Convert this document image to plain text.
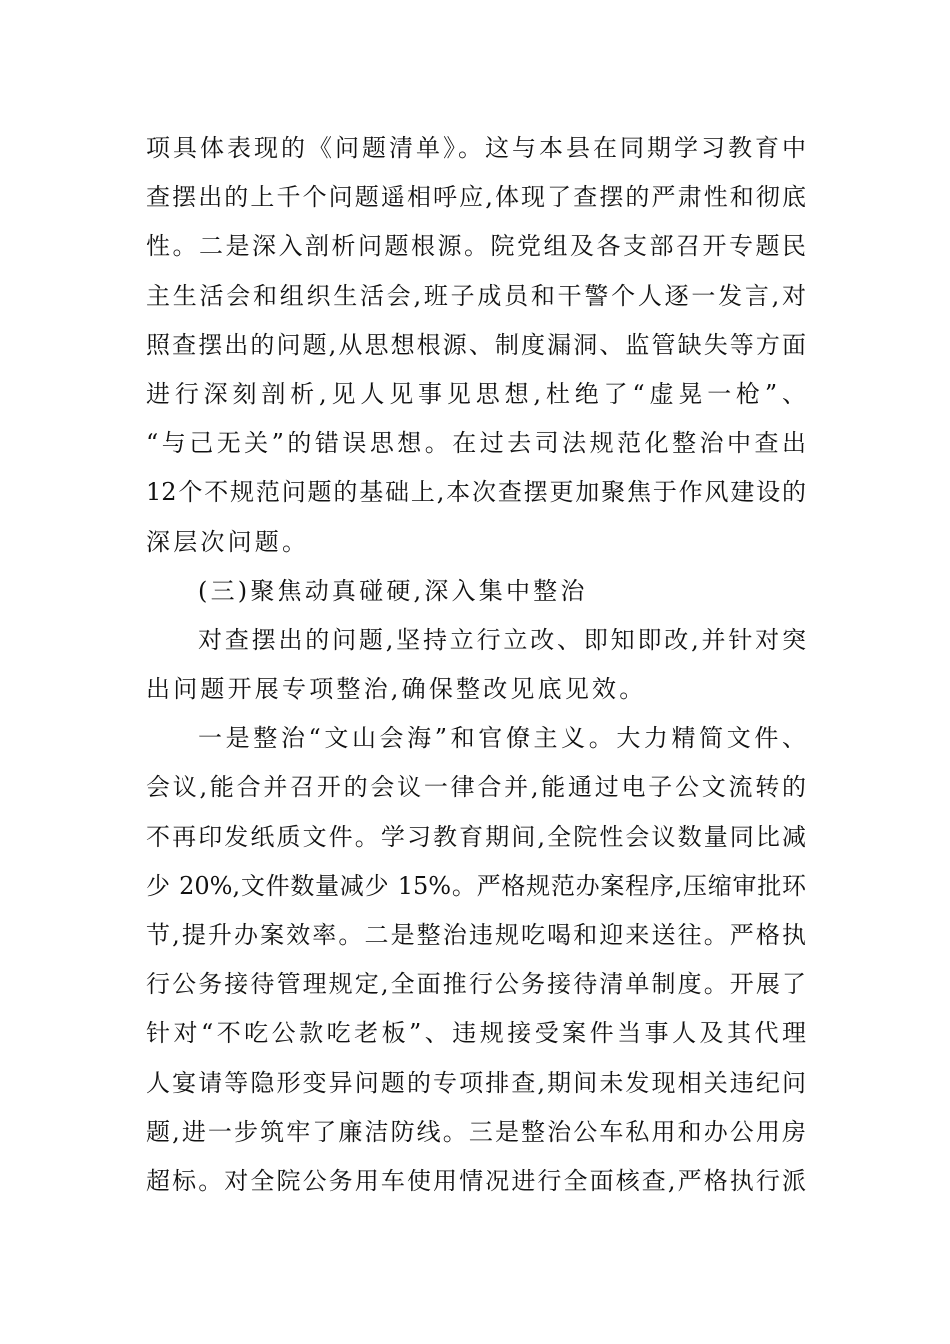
项具体表现的《问题清单》。这与本县在同期学习教育中
查摆出的上千个问题遥相呼应,体现了查摆的严肃性和彻底
性。二是深入剖析问题根源。院党组及各支部召开专题民
主生活会和组织生活会,班子成员和干警个人逐一发言,对
照查摆出的问题,从思想根源、制度漏洞、监管缺失等方面
进行深刻剖析,见人见事见思想,杜绝了“虚晃一枪”、
“与己无关”的错误思想。在过去司法规范化整治中查出
12个不规范问题的基础上,本次查摆更加聚焦于作风建设的
深层次问题。
(三)聚焦动真碰硬,深入集中整治
对查摆出的问题,坚持立行立改、即知即改,并针对突
出问题开展专项整治,确保整改见底见效。
一是整治“文山会海”和官僚主义。大力精简文件、
会议,能合并召开的会议一律合并,能通过电子公文流转的
不再印发纸质文件。学习教育期间,全院性会议数量同比减
少 20%,文件数量减少 15%。严格规范办案程序,压缩审批环
节,提升办案效率。二是整治违规吃喝和迎来送往。严格执
行公务接待管理规定,全面推行公务接待清单制度。开展了
针对“不吃公款吃老板”、违规接受案件当事人及其代理
人宴请等隐形变异问题的专项排查,期间未发现相关违纪问
题,进一步筑牢了廉洁防线。三是整治公车私用和办公用房
超标。对全院公务用车使用情况进行全面核查,严格执行派
